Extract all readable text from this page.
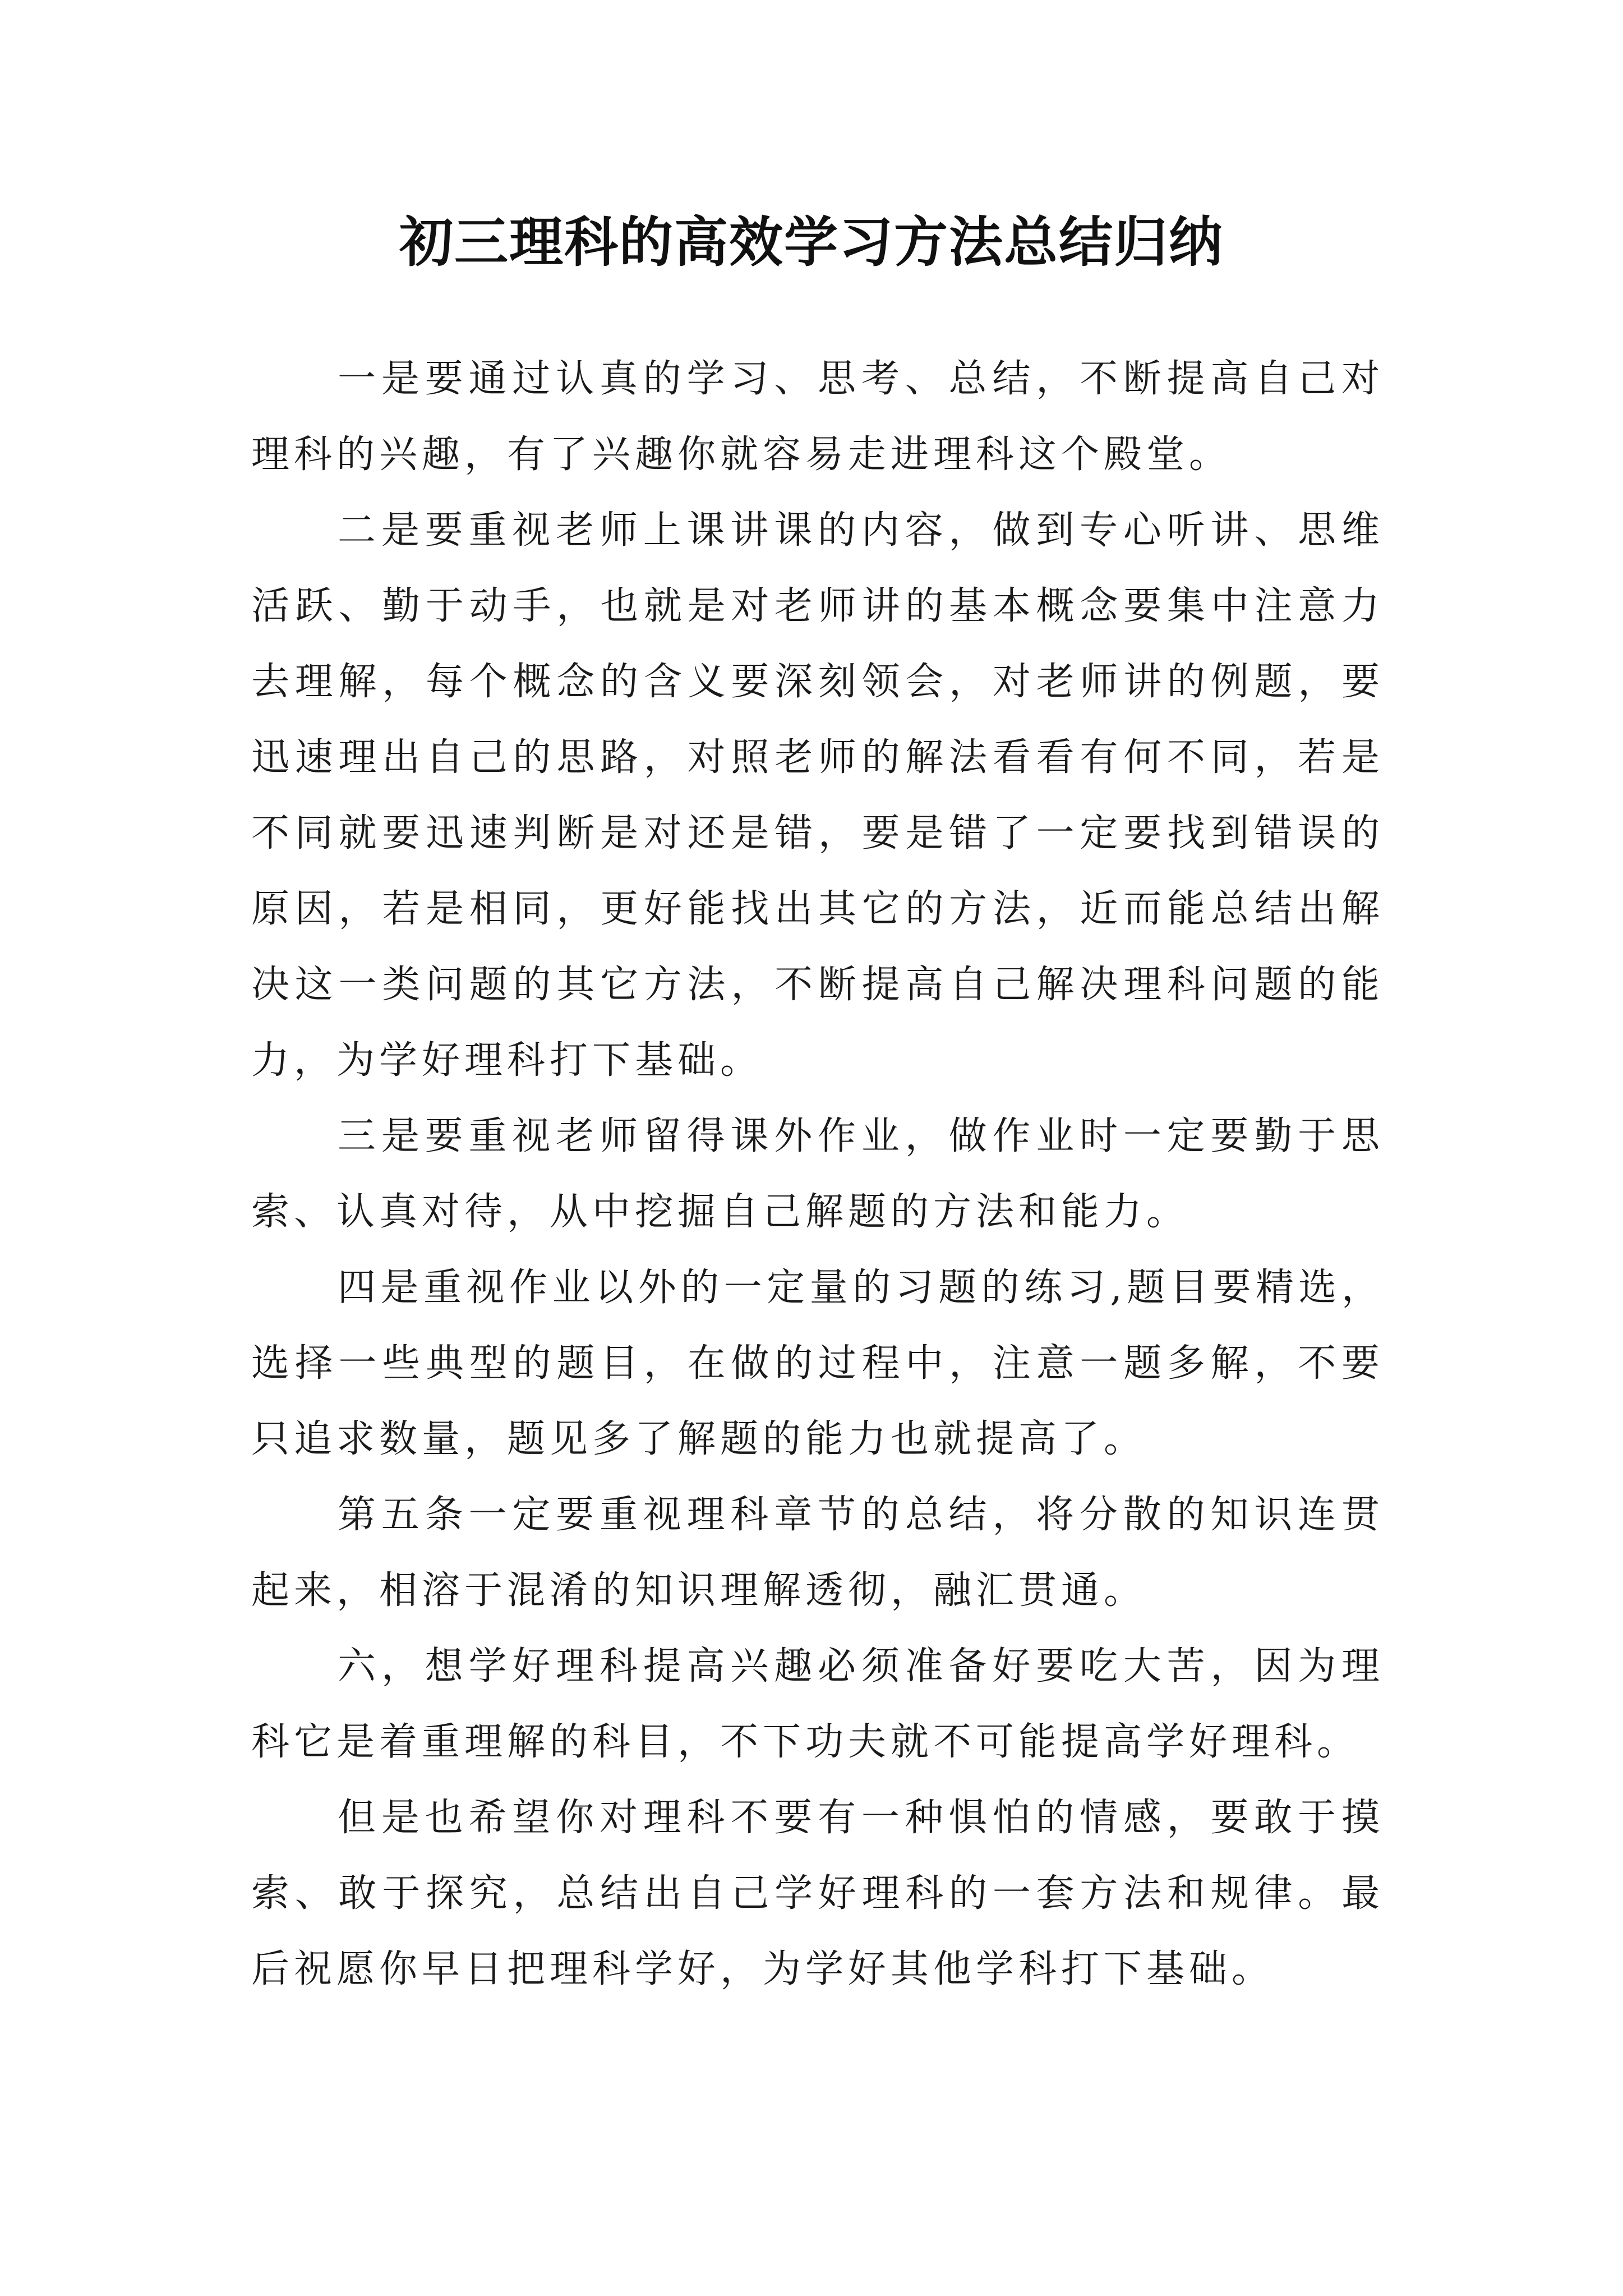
初三理科的高效学习方法总结归纳

一是要通过认真的学习、思考、总结，不断提高自己对理科的兴趣，有了兴趣你就容易走进理科这个殿堂。

二是要重视老师上课讲课的内容，做到专心听讲、思维活跃、勤于动手，也就是对老师讲的基本概念要集中注意力去理解，每个概念的含义要深刻领会，对老师讲的例题，要迅速理出自己的思路，对照老师的解法看看有何不同，若是不同就要迅速判断是对还是错，要是错了一定要找到错误的原因，若是相同，更好能找出其它的方法，近而能总结出解决这一类问题的其它方法，不断提高自己解决理科问题的能力，为学好理科打下基础。

三是要重视老师留得课外作业，做作业时一定要勤于思索、认真对待，从中挖掘自己解题的方法和能力。

四是重视作业以外的一定量的习题的练习,题目要精选，选择一些典型的题目，在做的过程中，注意一题多解，不要只追求数量，题见多了解题的能力也就提高了。

第五条一定要重视理科章节的总结，将分散的知识连贯起来，相溶于混淆的知识理解透彻，融汇贯通。

六，想学好理科提高兴趣必须准备好要吃大苦，因为理科它是着重理解的科目，不下功夫就不可能提高学好理科。

但是也希望你对理科不要有一种惧怕的情感，要敢于摸索、敢于探究，总结出自己学好理科的一套方法和规律。最后祝愿你早日把理科学好，为学好其他学科打下基础。
